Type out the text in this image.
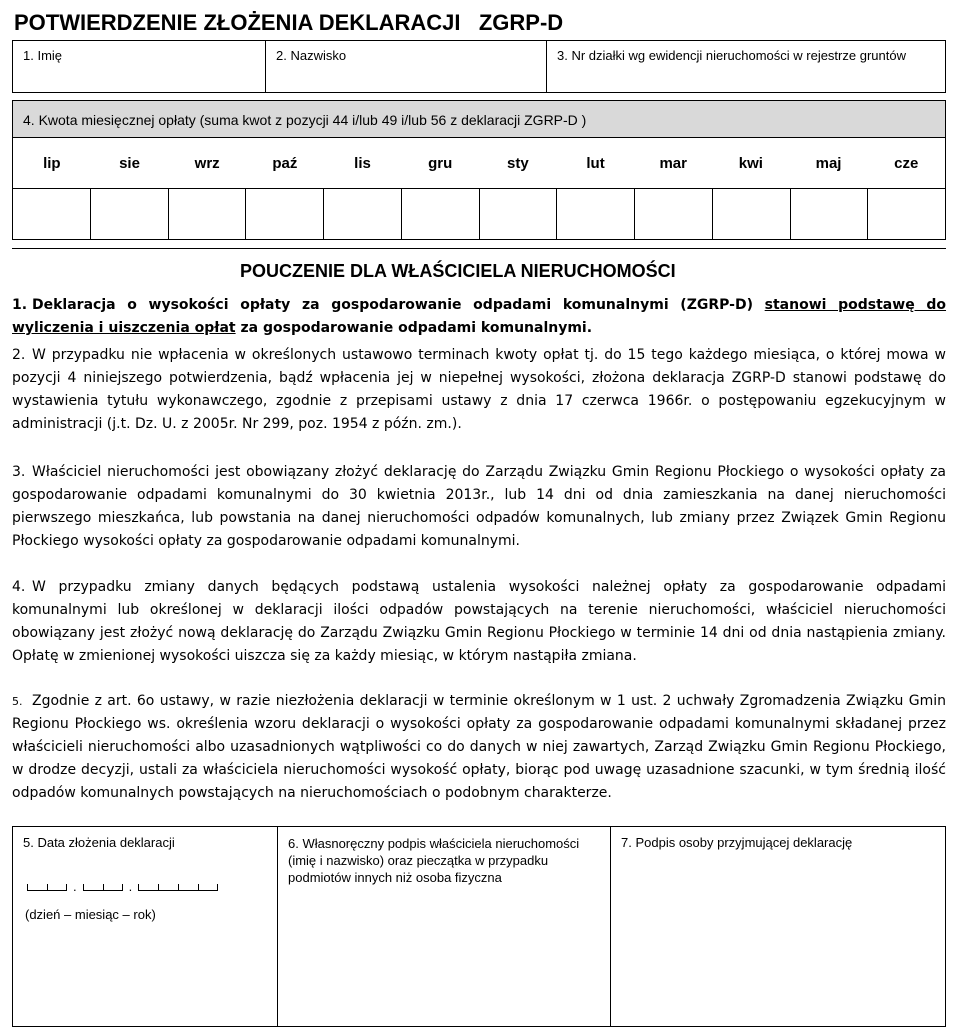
POTWIERDZENIE ZŁOŻENIA DEKLARACJI   ZGRP-D
1. Imię	2. Nazwisko	3. Nr działki wg ewidencji nieruchomości w rejestrze gruntów
4. Kwota miesięcznej opłaty (suma kwot z pozycji 44 i/lub 49 i/lub 56 z deklaracji ZGRP-D )
lip	sie	wrz	paź	lis	gru	sty	lut	mar	kwi	maj	cze
POUCZENIE DLA WŁAŚCICIELA NIERUCHOMOŚCI
1. Deklaracja o wysokości opłaty za gospodarowanie odpadami komunalnymi (ZGRP-D) stanowi podstawę do wyliczenia i uiszczenia opłat za gospodarowanie odpadami komunalnymi.
2. W przypadku nie wpłacenia w określonych ustawowo terminach kwoty opłat tj. do 15 tego każdego miesiąca, o której mowa w pozycji 4 niniejszego potwierdzenia, bądź wpłacenia jej w niepełnej wysokości, złożona deklaracja ZGRP-D stanowi podstawę do wystawienia tytułu wykonawczego, zgodnie z przepisami ustawy z dnia 17 czerwca 1966r. o postępowaniu egzekucyjnym w administracji (j.t. Dz. U. z 2005r. Nr 299, poz. 1954 z późn. zm.).
3. Właściciel nieruchomości jest obowiązany złożyć deklarację do Zarządu Związku Gmin Regionu Płockiego o wysokości opłaty za gospodarowanie odpadami komunalnymi do 30 kwietnia 2013r., lub 14 dni od dnia zamieszkania na danej nieruchomości pierwszego mieszkańca, lub powstania na danej nieruchomości odpadów komunalnych, lub zmiany przez Związek Gmin Regionu Płockiego wysokości opłaty za gospodarowanie odpadami komunalnymi.
4. W przypadku zmiany danych będących podstawą ustalenia wysokości należnej opłaty za gospodarowanie odpadami komunalnymi lub określonej w deklaracji ilości odpadów powstających na terenie nieruchomości, właściciel nieruchomości obowiązany jest złożyć nową deklarację do Zarządu Związku Gmin Regionu Płockiego w terminie 14 dni od dnia nastąpienia zmiany. Opłatę w zmienionej wysokości uiszcza się za każdy miesiąc, w którym nastąpiła zmiana.
5. Zgodnie z art. 6o ustawy, w razie niezłożenia deklaracji w terminie określonym w 1 ust. 2 uchwały Zgromadzenia Związku Gmin Regionu Płockiego ws. określenia wzoru deklaracji o wysokości opłaty za gospodarowanie odpadami komunalnymi składanej przez właścicieli nieruchomości albo uzasadnionych wątpliwości co do danych w niej zawartych, Zarząd Związku Gmin Regionu Płockiego, w drodze decyzji, ustali za właściciela nieruchomości wysokość opłaty, biorąc pod uwagę uzasadnione szacunki, w tym średnią ilość odpadów komunalnych powstających na nieruchomościach o podobnym charakterze.
5. Data złożenia deklaracji
.	.
(dzień – miesiąc – rok)
6. Własnoręczny podpis właściciela nieruchomości (imię i nazwisko) oraz pieczątka w przypadku podmiotów innych niż osoba fizyczna
7. Podpis osoby przyjmującej deklarację
